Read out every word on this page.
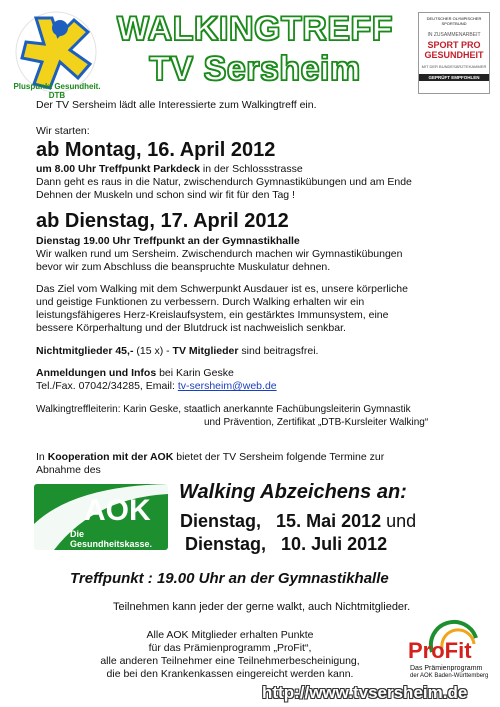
Pluspunkt Gesundheit. DTB
WALKINGTREFF
TV Sersheim
DEUTSCHER OLYMPISCHER SPORTBUND
IN ZUSAMMENARBEIT
SPORT PRO
GESUNDHEIT
MIT DER BUNDESÄRZTEKAMMER
GEPRÜFT EMPFOHLEN
Der TV Sersheim lädt alle Interessierte zum Walkingtreff ein.
Wir starten:
ab Montag, 16. April 2012
um 8.00 Uhr Treffpunkt Parkdeck in der Schlossstrasse
Dann geht es raus in die Natur, zwischendurch Gymnastikübungen und am Ende
Dehnen der Muskeln und schon sind wir fit für den Tag !
ab Dienstag, 17. April 2012
Dienstag 19.00 Uhr Treffpunkt an der Gymnastikhalle
Wir walken rund um Sersheim. Zwischendurch machen wir Gymnastikübungen
bevor wir zum Abschluss die beanspruchte Muskulatur dehnen.
Das Ziel vom Walking mit dem Schwerpunkt Ausdauer ist es, unsere körperliche
und geistige Funktionen zu verbessern. Durch Walking erhalten wir ein
leistungsfähigeres Herz-Kreislaufsystem, ein gestärktes Immunsystem, eine
bessere Körperhaltung und der Blutdruck ist nachweislich senkbar.
Nichtmitglieder 45,- (15 x) - TV Mitglieder sind beitragsfrei.
Anmeldungen und Infos bei Karin Geske
Tel./Fax. 07042/34285, Email: tv-sersheim@web.de
Walkingtreffleiterin: Karin Geske, staatlich anerkannte Fachübungsleiterin Gymnastik
und Prävention, Zertifikat „DTB-Kursleiter Walking“
In Kooperation mit der AOK bietet der TV Sersheim folgende Termine zur
Abnahme des
AOK
Die Gesundheitskasse.
Walking Abzeichens an:
Dienstag, 15. Mai 2012 und
Dienstag, 10. Juli 2012
Treffpunkt : 19.00 Uhr an der Gymnastikhalle
Teilnehmen kann jeder der gerne walkt, auch Nichtmitglieder.
Alle AOK Mitglieder erhalten Punkte
für das Prämienprogramm „ProFit“,
alle anderen Teilnehmer eine Teilnehmerbescheinigung,
die bei den Krankenkassen eingereicht werden kann.
ProFit
Das Prämienprogramm
der AOK Baden-Württemberg
http://www.tvsersheim.de
